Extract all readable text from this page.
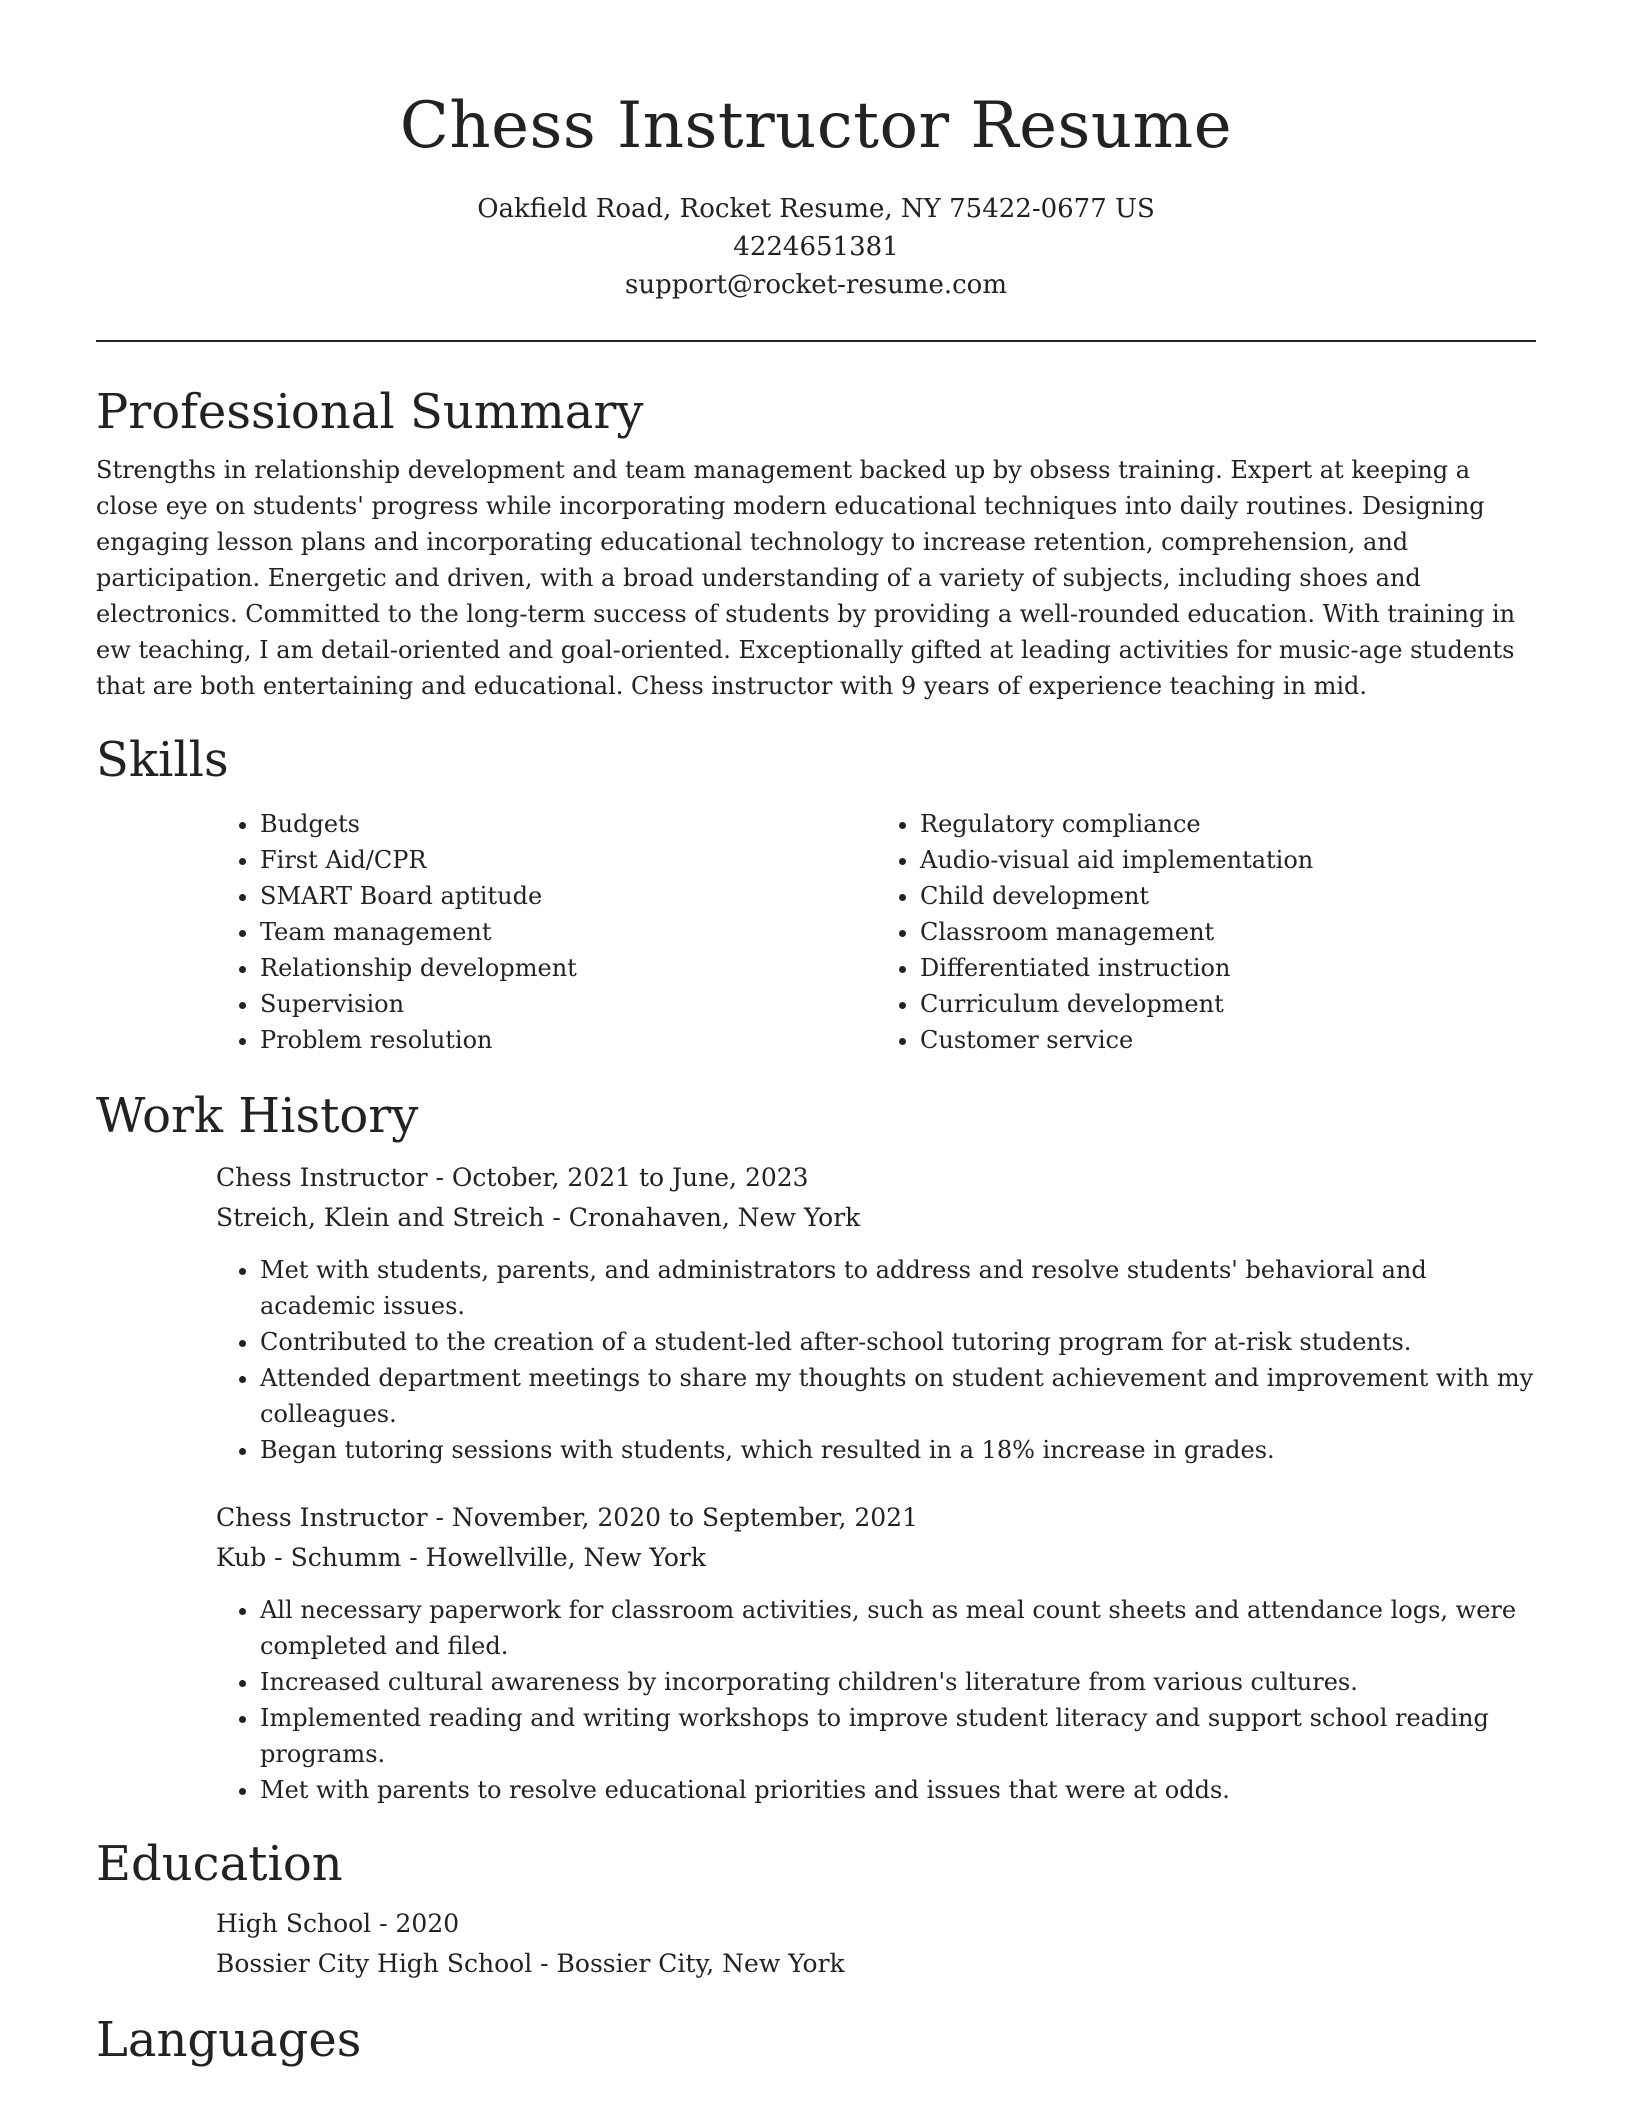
Chess Instructor Resume
Oakfield Road, Rocket Resume, NY 75422-0677 US
4224651381
support@rocket-resume.com
Professional Summary

Strengths in relationship development and team management backed up by obsess training. Expert at keeping a close eye on students' progress while incorporating modern educational techniques into daily routines. Designing engaging lesson plans and incorporating educational technology to increase retention, comprehension, and participation. Energetic and driven, with a broad understanding of a variety of subjects, including shoes and electronics. Committed to the long-term success of students by providing a well-rounded education. With training in ew teaching, I am detail-oriented and goal-oriented. Exceptionally gifted at leading activities for music-age students that are both entertaining and educational. Chess instructor with 9 years of experience teaching in mid.

Skills
• Budgets
• First Aid/CPR
• SMART Board aptitude
• Team management
• Relationship development
• Supervision
• Problem resolution
• Regulatory compliance
• Audio-visual aid implementation
• Child development
• Classroom management
• Differentiated instruction
• Curriculum development
• Customer service
Work History
Chess Instructor - October, 2021 to June, 2023
Streich, Klein and Streich - Cronahaven, New York
• Met with students, parents, and administrators to address and resolve students' behavioral and academic issues.
• Contributed to the creation of a student-led after-school tutoring program for at-risk students.
• Attended department meetings to share my thoughts on student achievement and improvement with my colleagues.
• Began tutoring sessions with students, which resulted in a 18% increase in grades.
Chess Instructor - November, 2020 to September, 2021
Kub - Schumm - Howellville, New York
• All necessary paperwork for classroom activities, such as meal count sheets and attendance logs, were completed and filed.
• Increased cultural awareness by incorporating children's literature from various cultures.
• Implemented reading and writing workshops to improve student literacy and support school reading programs.
• Met with parents to resolve educational priorities and issues that were at odds.
Education
High School - 2020
Bossier City High School - Bossier City, New York
Languages
